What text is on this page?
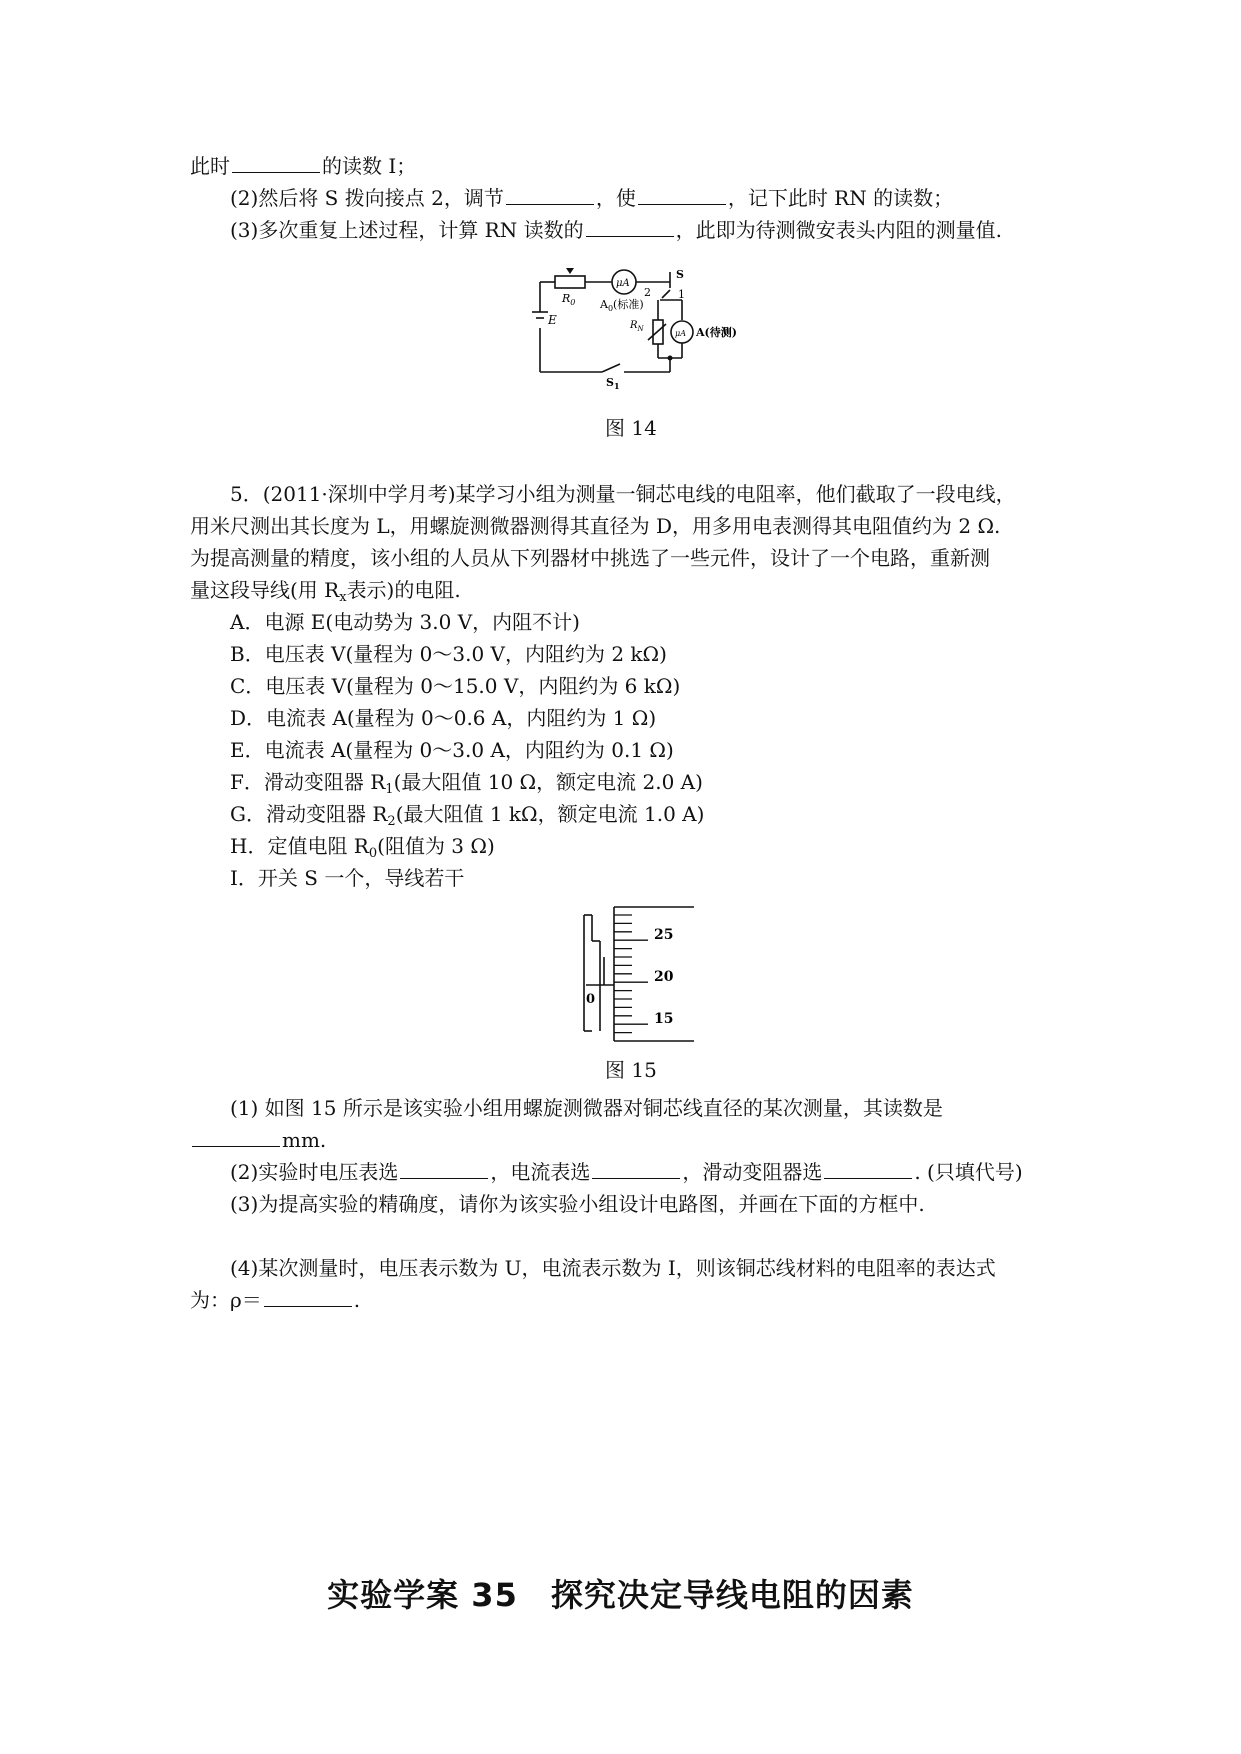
此时	的读数 I；
(2)然后将 S 拨向接点 2，调节	，使	，记下此时 RN 的读数；
(3)多次重复上述过程，计算 RN 读数的	，此即为待测微安表头内阻的测量值.
$R_0$
E
μA
$A_0$(标准)
S
2 1
$R_N$	μA A(待测)
$S_1$
图 14
5．(2011·深圳中学月考)某学习小组为测量一铜芯电线的电阻率，他们截取了一段电线，
用米尺测出其长度为 L，用螺旋测微器测得其直径为 D，用多用电表测得其电阻值约为 2 Ω.
为提高测量的精度，该小组的人员从下列器材中挑选了一些元件，设计了一个电路，重新测
量这段导线(用 $R_x$表示)的电阻.
A．电源 E(电动势为 3.0 V，内阻不计)
B．电压表 V(量程为 0～3.0 V，内阻约为 2 kΩ)
C．电压表 V(量程为 0～15.0 V，内阻约为 6 kΩ)
D．电流表 A(量程为 0～0.6 A，内阻约为 1 Ω)
E．电流表 A(量程为 0～3.0 A，内阻约为 0.1 Ω)
F．滑动变阻器 $R_1$(最大阻值 10 Ω，额定电流 2.0 A)
G．滑动变阻器 $R_2$(最大阻值 1 kΩ，额定电流 1.0 A)
H．定值电阻 $R_0$(阻值为 3 Ω)
I．开关 S 一个，导线若干
25
20
15
0
图 15
(1) 如图 15 所示是该实验小组用螺旋测微器对铜芯线直径的某次测量，其读数是
mm.
(2)实验时电压表选	，电流表选	，滑动变阻器选	. (只填代号)
(3)为提高实验的精确度，请你为该实验小组设计电路图，并画在下面的方框中.
(4)某次测量时，电压表示数为 U，电流表示数为 I，则该铜芯线材料的电阻率的表达式
为：ρ＝	.
实验学案 35　探究决定导线电阻的因素
